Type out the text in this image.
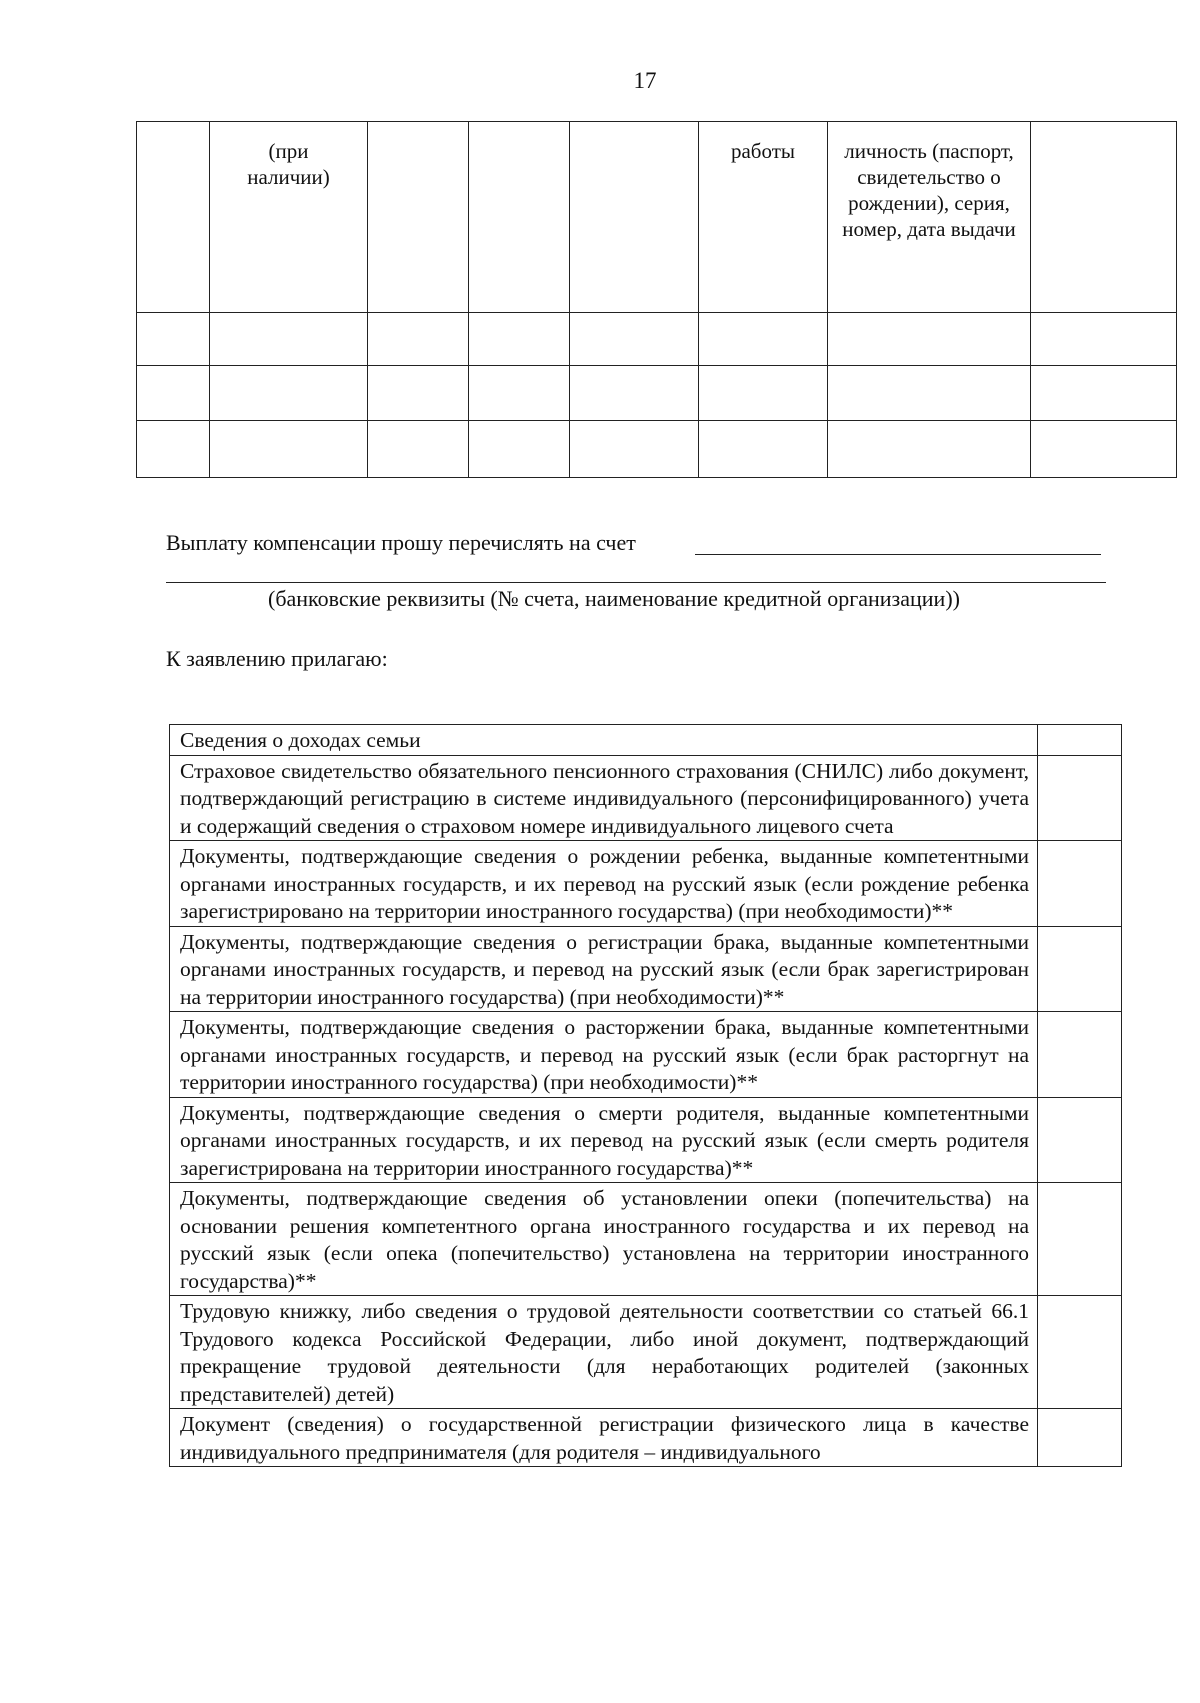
17
	(при наличии)				работы	личность (паспорт, свидетельство о рождении), серия, номер, дата выдачи	

Выплату компенсации прошу перечислять на счет
(банковские реквизиты (№ счета, наименование кредитной организации))
К заявлению прилагаю:
Сведения о доходах семьи	
Страховое свидетельство обязательного пенсионного страхования (СНИЛС) либо документ, подтверждающий регистрацию в системе индивидуального (персонифицированного) учета и содержащий сведения о страховом номере индивидуального лицевого счета	
Документы, подтверждающие сведения о рождении ребенка, выданные компетентными органами иностранных государств, и их перевод на русский язык (если рождение ребенка зарегистрировано на территории иностранного государства) (при необходимости)**	
Документы, подтверждающие сведения о регистрации брака, выданные компетентными органами иностранных государств, и перевод на русский язык (если брак зарегистрирован на территории иностранного государства) (при необходимости)**	
Документы, подтверждающие сведения о расторжении брака, выданные компетентными органами иностранных государств, и перевод на русский язык (если брак расторгнут на территории иностранного государства) (при необходимости)**	
Документы, подтверждающие сведения о смерти родителя, выданные компетентными органами иностранных государств, и их перевод на русский язык (если смерть родителя зарегистрирована на территории иностранного государства)**	
Документы, подтверждающие сведения об установлении опеки (попечительства) на основании решения компетентного органа иностранного государства и их перевод на русский язык (если опека (попечительство) установлена на территории иностранного государства)**	
Трудовую книжку, либо сведения о трудовой деятельности соответствии со статьей 66.1 Трудового кодекса Российской Федерации, либо иной документ, подтверждающий прекращение трудовой деятельности (для неработающих родителей (законных представителей) детей)	
Документ (сведения) о государственной регистрации физического лица в качестве индивидуального предпринимателя (для родителя – индивидуального	
